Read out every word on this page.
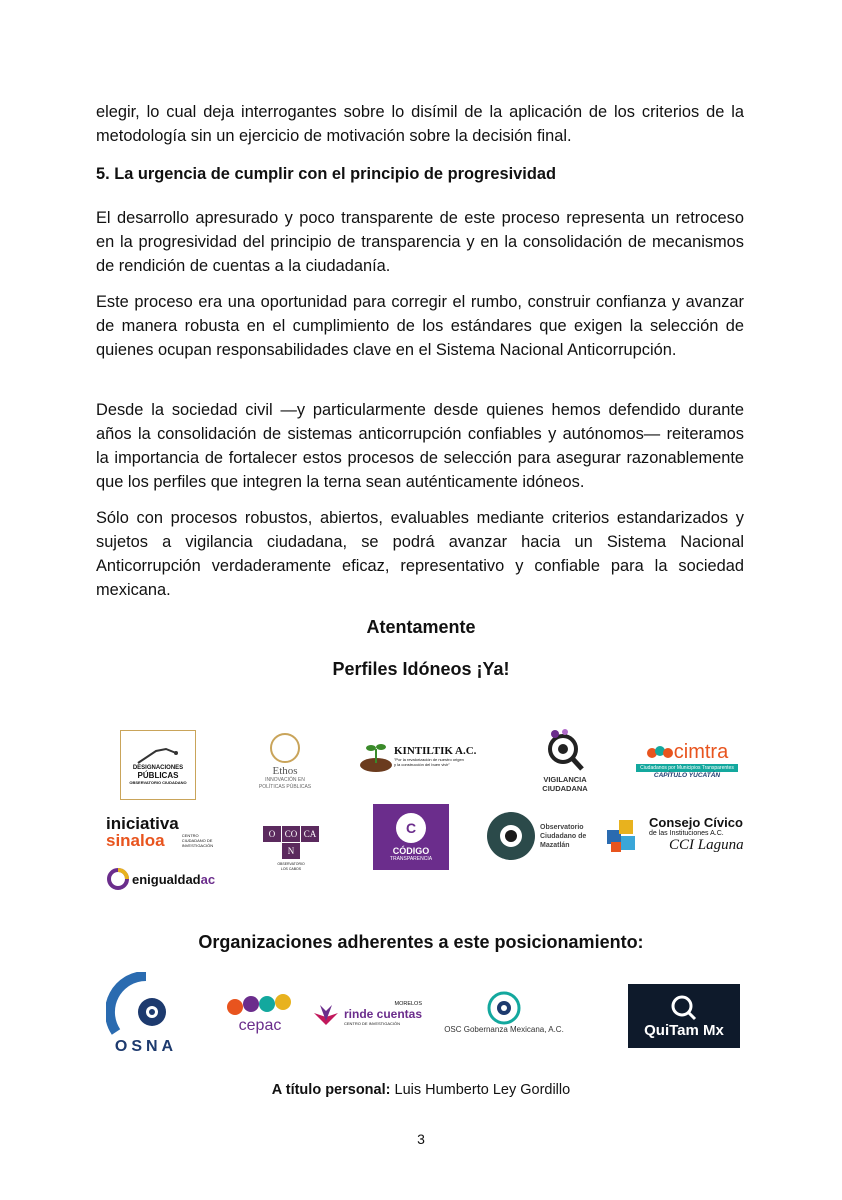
elegir, lo cual deja interrogantes sobre lo disímil de la aplicación de los criterios de la metodología sin un ejercicio de motivación sobre la decisión final.

5. La urgencia de cumplir con el principio de progresividad

El desarrollo apresurado y poco transparente de este proceso representa un retroceso en la progresividad del principio de transparencia y en la consolidación de mecanismos de rendición de cuentas a la ciudadanía.

Este proceso era una oportunidad para corregir el rumbo, construir confianza y avanzar de manera robusta en el cumplimiento de los estándares que exigen la selección de quienes ocupan responsabilidades clave en el Sistema Nacional Anticorrupción.

Desde la sociedad civil —y particularmente desde quienes hemos defendido durante años la consolidación de sistemas anticorrupción confiables y autónomos— reiteramos la importancia de fortalecer estos procesos de selección para asegurar razonablemente que los perfiles que integren la terna sean auténticamente idóneos.

Sólo con procesos robustos, abiertos, evaluables mediante criterios estandarizados y sujetos a vigilancia ciudadana, se podrá avanzar hacia un Sistema Nacional Anticorrupción verdaderamente eficaz, representativo y confiable para la sociedad mexicana.

Atentamente

Perfiles Idóneos ¡Ya!

DESIGNACIONES
PÚBLICAS
OBSERVATORIO CIUDADANO
Ethos
INNOVACIÓN EN
POLÍTICAS PÚBLICAS
KINTILTIK A.C.
"Por la revalorización de nuestro origen
y la construcción del buen vivir"
VIGILANCIA
CIUDADANA
cimtra
Ciudadanos por Municipios Transparentes
CAPÍTULO YUCATÁN
iniciativa
sinaloa	CENTRO
CIUDADANO DE
INVESTIGACIÓN
O	CO CA
N
OBSERVATORIO
LOS CABOS
C
CÓDIGO
TRANSPARENCIA
Observatorio
Ciudadano de
Mazatlán
Consejo Cívico
de las Instituciones A.C.
CCI Laguna
enigualdad ac

Organizaciones adherentes a este posicionamiento:

OSNA
cepac
MORELOS
rinde cuentas
CENTRO DE INVESTIGACIÓN
OSC Gobernanza Mexicana, A.C.	QuiTam Mx

A título personal: Luis Humberto Ley Gordillo

3
